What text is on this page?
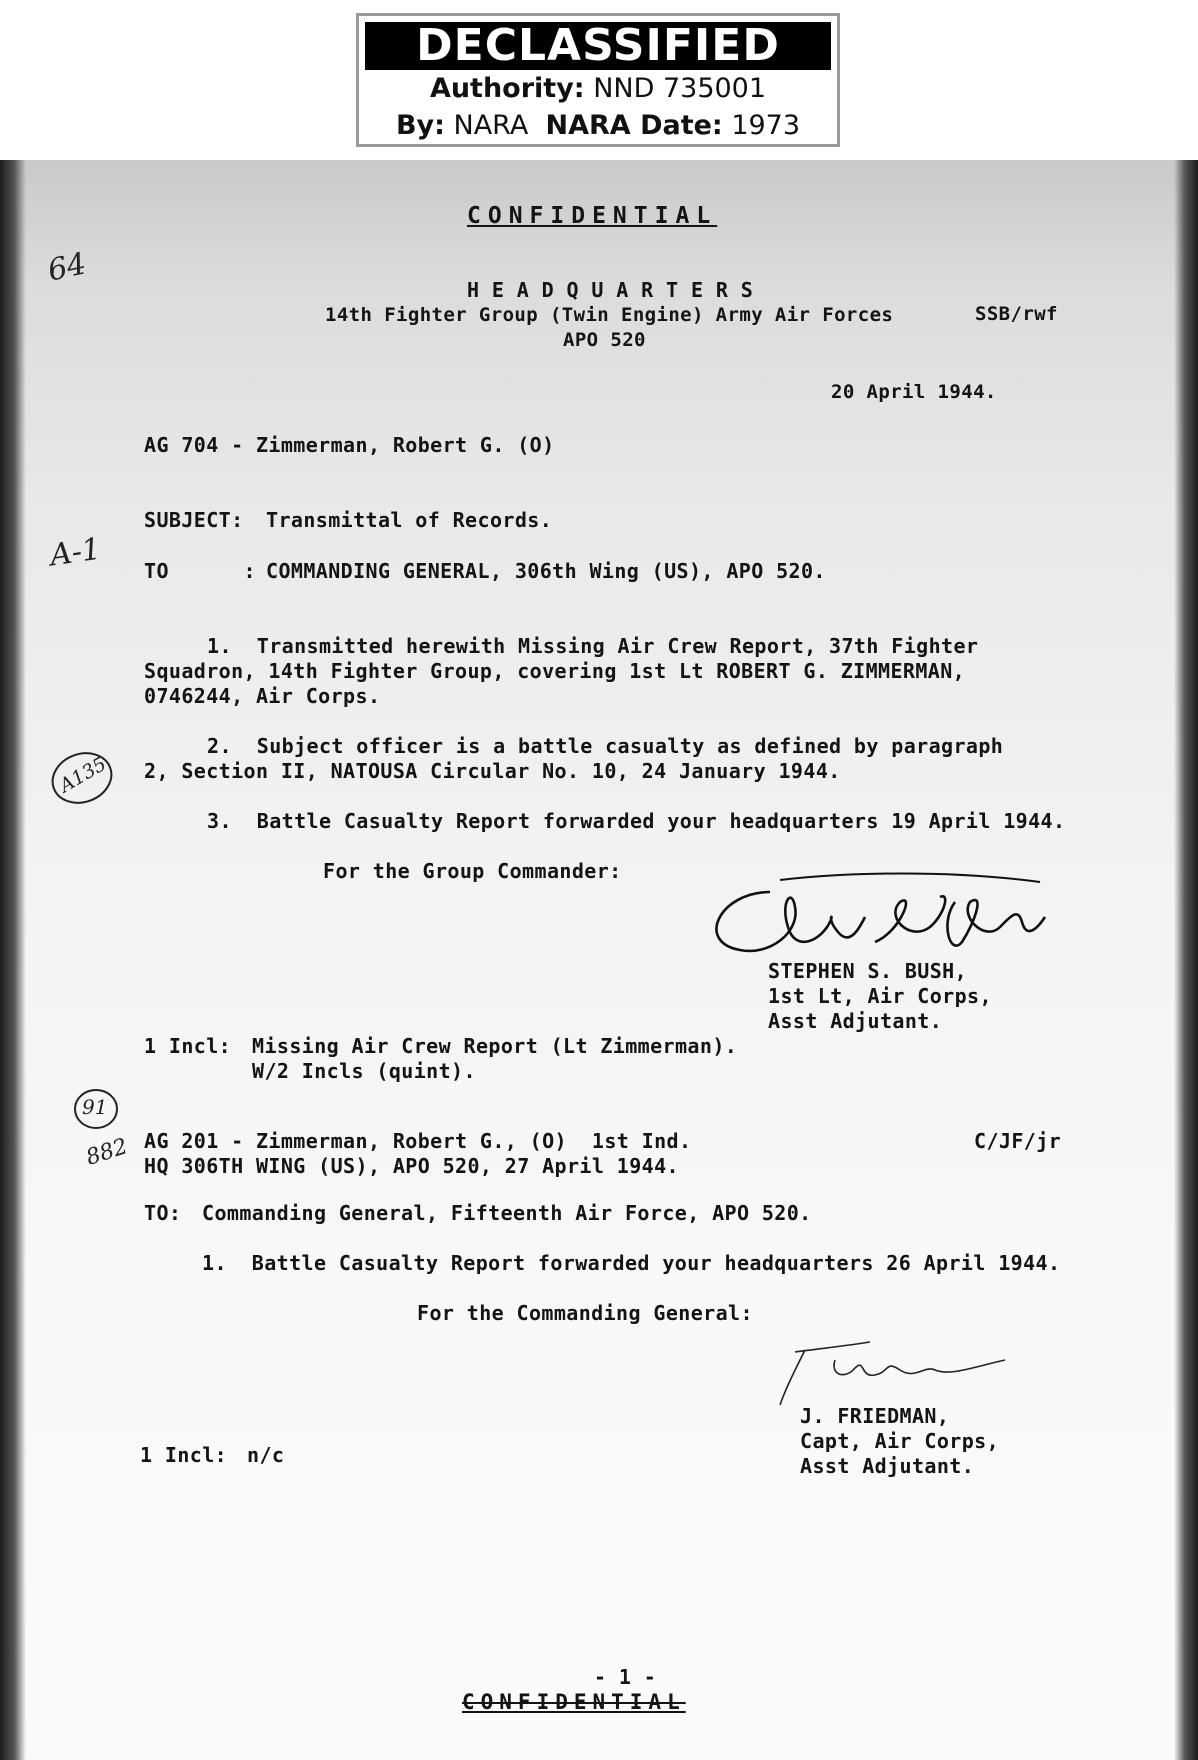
DECLASSIFIED
Authority: NND 735001
By: NARA NARA Date: 1973
CONFIDENTIAL
H E A D Q U A R T E R S
14th Fighter Group (Twin Engine) Army Air Forces
APO 520
SSB/rwf
20 April 1944.
AG 704 - Zimmerman, Robert G. (O)
SUBJECT: Transmittal of Records.
TO      : COMMANDING GENERAL, 306th Wing (US), APO 520.
1.  Transmitted herewith Missing Air Crew Report, 37th Fighter
Squadron, 14th Fighter Group, covering 1st Lt ROBERT G. ZIMMERMAN,
0746244, Air Corps.
2.  Subject officer is a battle casualty as defined by paragraph
2, Section II, NATOUSA Circular No. 10, 24 January 1944.
3.  Battle Casualty Report forwarded your headquarters 19 April 1944.
For the Group Commander:
STEPHEN S. BUSH,
1st Lt, Air Corps,
Asst Adjutant.
1 Incl: Missing Air Crew Report (Lt Zimmerman).
W/2 Incls (quint).
AG 201 - Zimmerman, Robert G., (O)  1st Ind.	C/JF/jr
HQ 306TH WING (US), APO 520, 27 April 1944.
TO: Commanding General, Fifteenth Air Force, APO 520.
1.  Battle Casualty Report forwarded your headquarters 26 April 1944.
For the Commanding General:
J. FRIEDMAN,
Capt, Air Corps,
Asst Adjutant.
1 Incl: n/c
- 1 -
CONFIDENTIAL
64
A-1
A135
91
882
